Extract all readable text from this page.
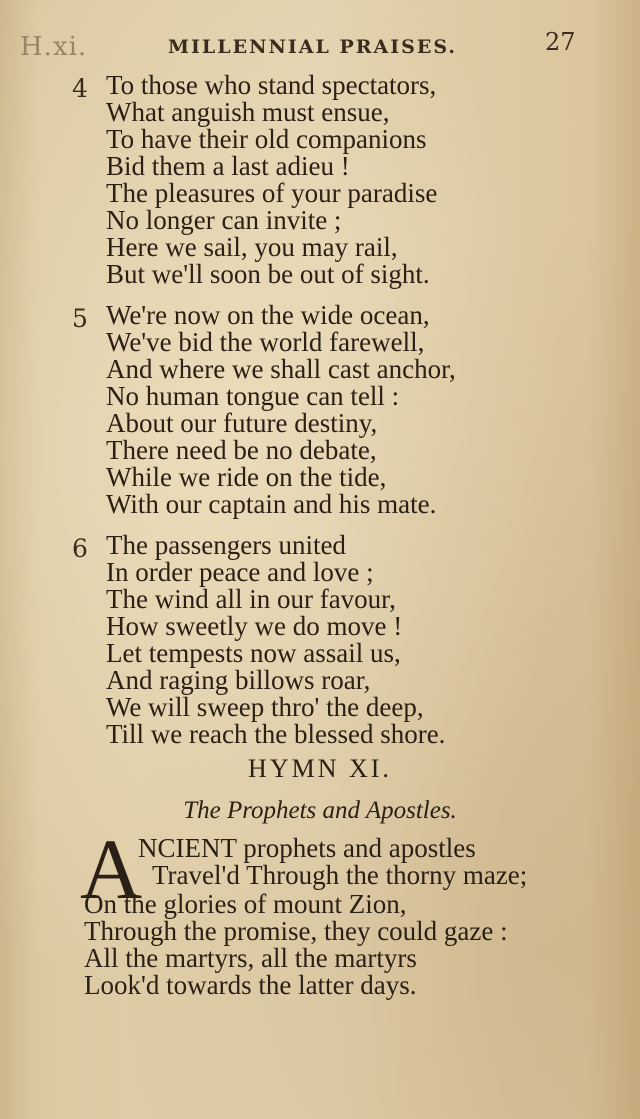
H.xi.	MILLENNIAL PRAISES.	27
4 To those who stand spectators,
What anguish must ensue,
To have their old companions
Bid them a last adieu !
The pleasures of your paradise
No longer can invite ;
Here we sail, you may rail,
But we'll soon be out of sight.
5 We're now on the wide ocean,
We've bid the world farewell,
And where we shall cast anchor,
No human tongue can tell :
About our future destiny,
There need be no debate,
While we ride on the tide,
With our captain and his mate.
6 The passengers united
In order peace and love ;
The wind all in our favour,
How sweetly we do move !
Let tempests now assail us,
And raging billows roar,
We will sweep thro' the deep,
Till we reach the blessed shore.
HYMN XI.
The Prophets and Apostles.
A
NCIENT prophets and apostles
Travel'd Through the thorny maze;
On the glories of mount Zion,
Through the promise, they could gaze :
All the martyrs, all the martyrs
Look'd towards the latter days.
